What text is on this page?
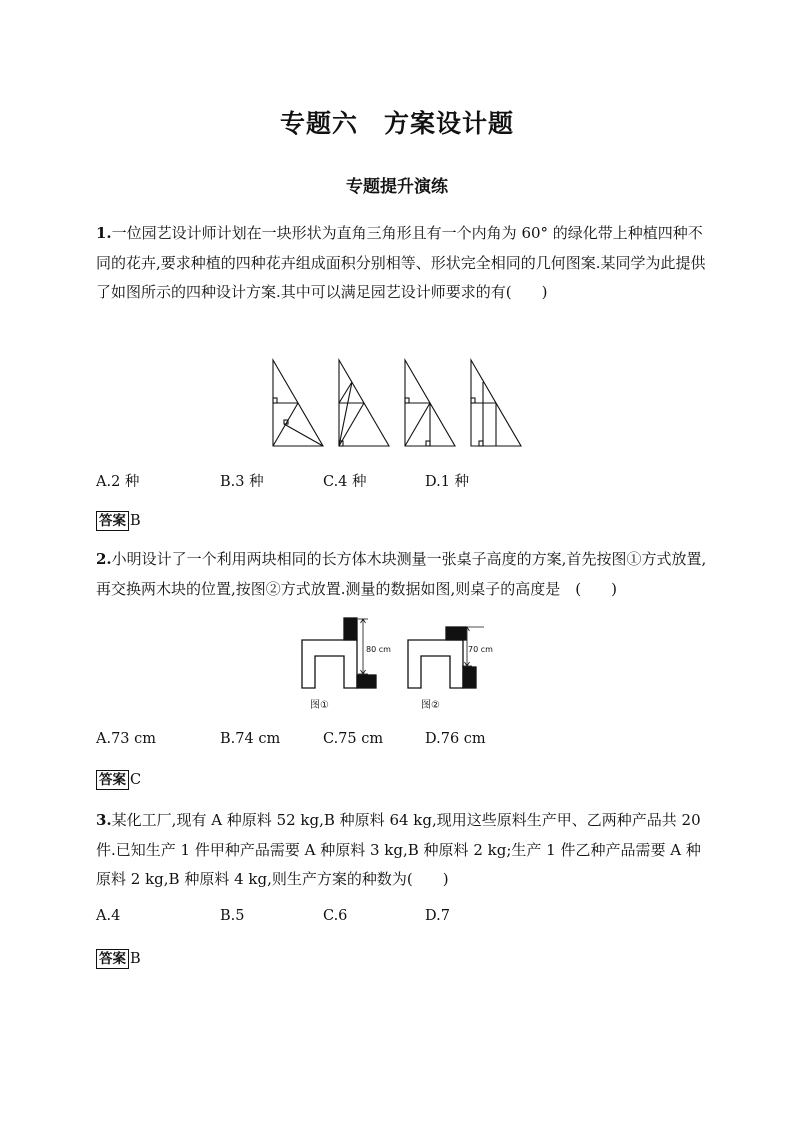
专题六　方案设计题
专题提升演练
1.一位园艺设计师计划在一块形状为直角三角形且有一个内角为 60° 的绿化带上种植四种不同的花卉,要求种植的四种花卉组成面积分别相等、形状完全相同的几何图案.某同学为此提供了如图所示的四种设计方案.其中可以满足园艺设计师要求的有(　　)
A.2 种	B.3 种	C.4 种	D.1 种
答案 B
2.小明设计了一个利用两块相同的长方体木块测量一张桌子高度的方案,首先按图①方式放置,再交换两木块的位置,按图②方式放置.测量的数据如图,则桌子的高度是　(　　)
80 cm
图①
70 cm
图②
A.73 cm	B.74 cm	C.75 cm	D.76 cm
答案 C
3.某化工厂,现有 A 种原料 52 kg,B 种原料 64 kg,现用这些原料生产甲、乙两种产品共 20 件.已知生产 1 件甲种产品需要 A 种原料 3 kg,B 种原料 2 kg;生产 1 件乙种产品需要 A 种原料 2 kg,B 种原料 4 kg,则生产方案的种数为(　　)
A.4	B.5	C.6	D.7
答案 B
